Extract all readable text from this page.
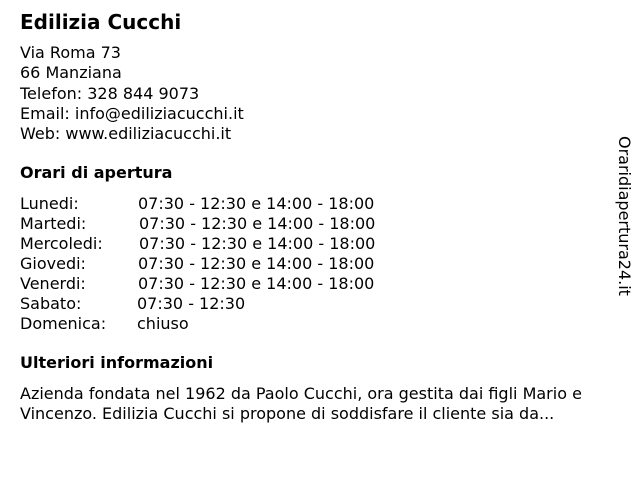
Edilizia Cucchi
Via Roma 73
66 Manziana
Telefon: 328 844 9073
Email: info@ediliziacucchi.it
Web: www.ediliziacucchi.it
Orari di apertura
Lunedi:	07:30 - 12:30 e 14:00 - 18:00
Martedi:	07:30 - 12:30 e 14:00 - 18:00
Mercoledi: 07:30 - 12:30 e 14:00 - 18:00
Giovedi:	07:30 - 12:30 e 14:00 - 18:00
Venerdi:	07:30 - 12:30 e 14:00 - 18:00
Sabato:	07:30 - 12:30
Domenica: chiuso
Ulteriori informazioni
Azienda fondata nel 1962 da Paolo Cucchi, ora gestita dai figli Mario e Vincenzo. Edilizia Cucchi si propone di soddisfare il cliente sia da...
Oraridiapertura24.it
